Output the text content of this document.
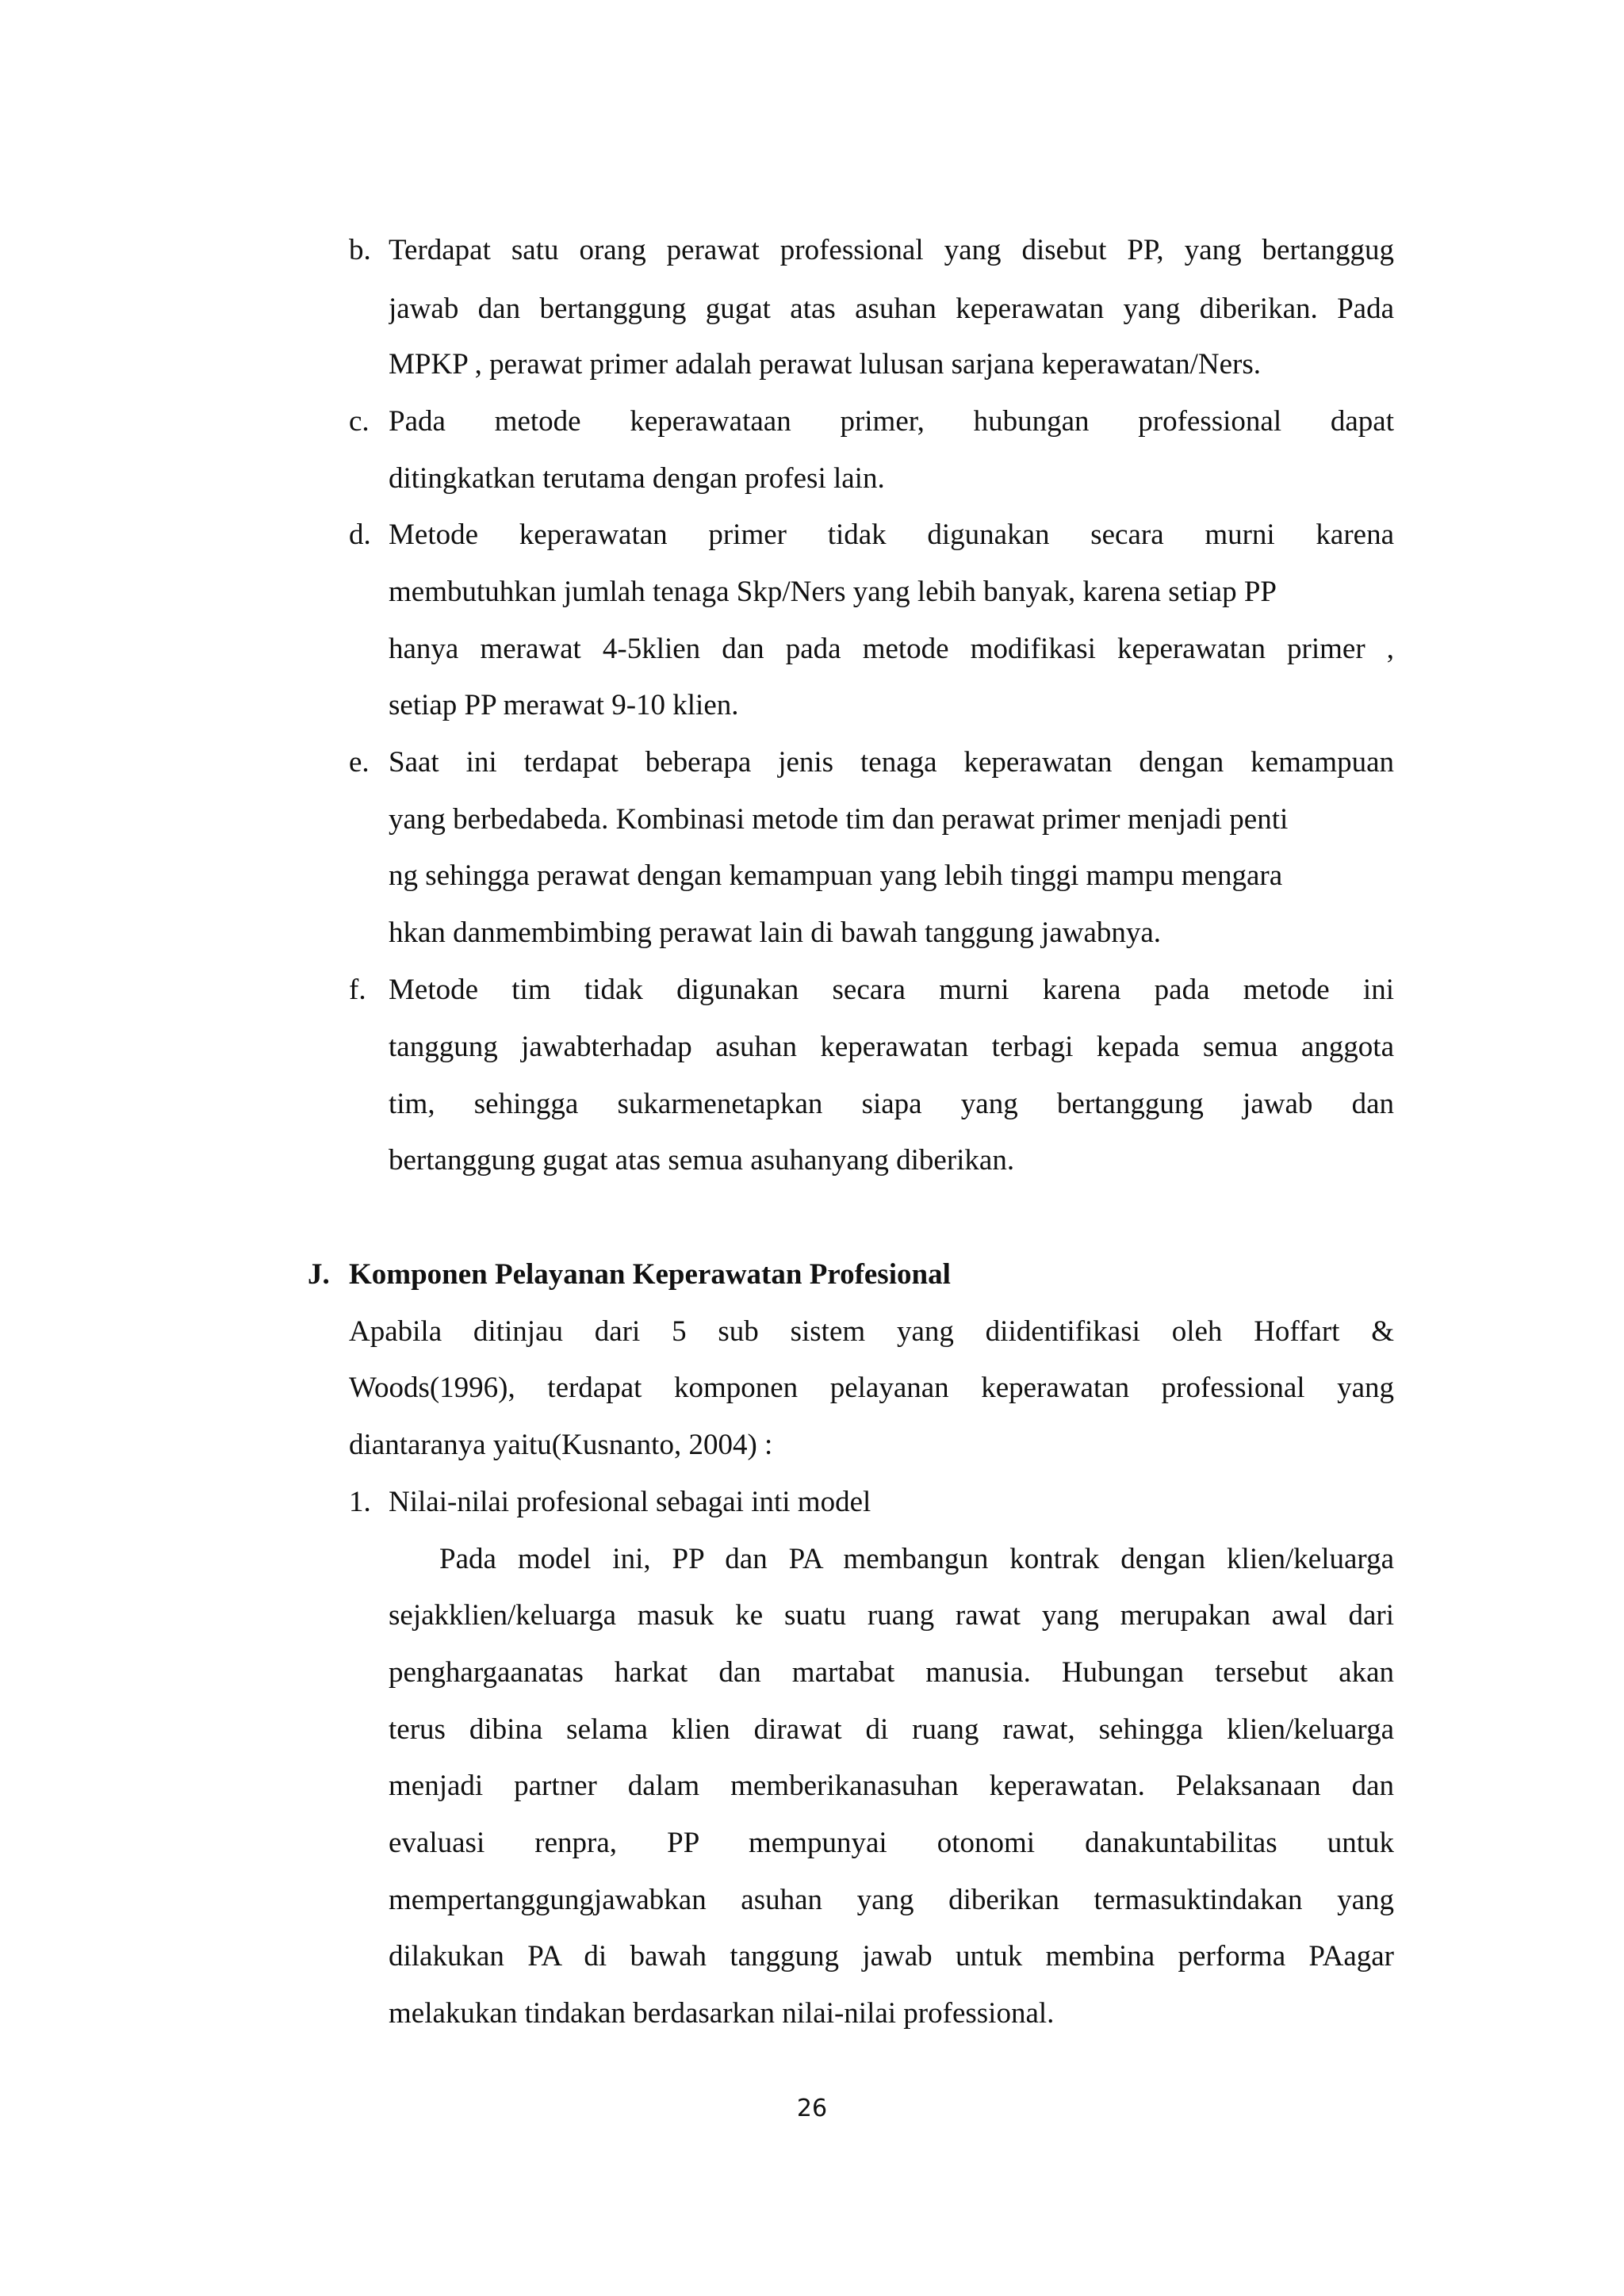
b. Terdapat satu orang perawat professional yang disebut PP, yang bertanggug
jawab dan bertanggung gugat atas asuhan keperawatan yang diberikan. Pada
MPKP , perawat primer adalah perawat lulusan sarjana keperawatan/Ners.
c. Pada metode keperawataan primer, hubungan professional dapat
ditingkatkan terutama dengan profesi lain.
d. Metode keperawatan primer tidak digunakan secara murni karena
membutuhkan jumlah tenaga Skp/Ners yang lebih banyak, karena setiap PP
hanya merawat 4-5klien dan pada metode modifikasi keperawatan primer ,
setiap PP merawat 9-10 klien.
e. Saat ini terdapat beberapa jenis tenaga keperawatan dengan kemampuan
yang berbedabeda. Kombinasi metode tim dan perawat primer menjadi penti
ng sehingga perawat dengan kemampuan yang lebih tinggi mampu mengara
hkan danmembimbing perawat lain di bawah tanggung jawabnya.
f. Metode tim tidak digunakan secara murni karena pada metode ini
tanggung jawabterhadap asuhan keperawatan terbagi kepada semua anggota
tim, sehingga sukarmenetapkan siapa yang bertanggung jawab dan
bertanggung gugat atas semua asuhanyang diberikan.
J. Komponen Pelayanan Keperawatan Profesional
Apabila ditinjau dari 5 sub sistem yang diidentifikasi oleh Hoffart &
Woods(1996), terdapat komponen pelayanan keperawatan professional yang
diantaranya yaitu(Kusnanto, 2004) :
1. Nilai-nilai profesional sebagai inti model
Pada model ini, PP dan PA membangun kontrak dengan klien/keluarga
sejakklien/keluarga masuk ke suatu ruang rawat yang merupakan awal dari
penghargaanatas harkat dan martabat manusia. Hubungan tersebut akan
terus dibina selama klien dirawat di ruang rawat, sehingga klien/keluarga
menjadi partner dalam memberikanasuhan keperawatan. Pelaksanaan dan
evaluasi renpra, PP mempunyai otonomi danakuntabilitas untuk
mempertanggungjawabkan asuhan yang diberikan termasuktindakan yang
dilakukan PA di bawah tanggung jawab untuk membina performa PAagar
melakukan tindakan berdasarkan nilai-nilai professional.
26
